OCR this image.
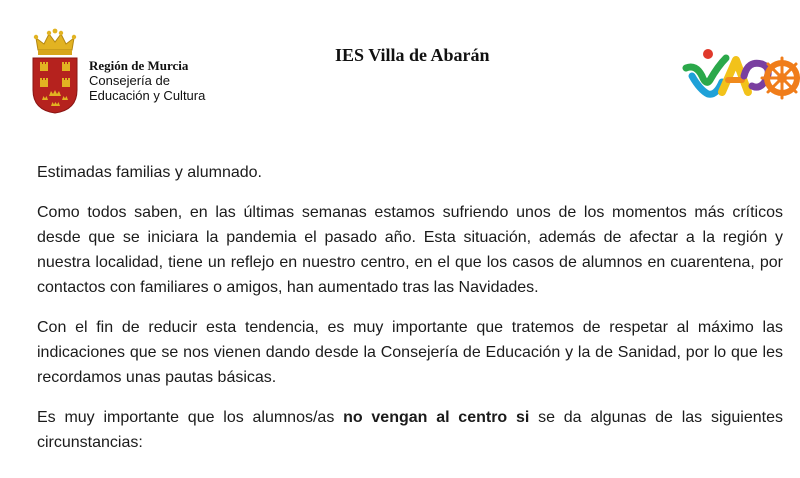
Región de Murcia
Consejería de
Educación y Cultura
IES Villa de Abarán

Estimadas familias y alumnado.

Como todos saben, en las últimas semanas estamos sufriendo unos de los momentos más críticos desde que se iniciara la pandemia el pasado año. Esta situación, además de afectar a la región y nuestra localidad, tiene un reflejo en nuestro centro, en el que los casos de alumnos en cuarentena, por contactos con familiares o amigos, han aumentado tras las Navidades.

Con el fin de reducir esta tendencia, es muy importante que tratemos de respetar al máximo las indicaciones que se nos vienen dando desde la Consejería de Educación y la de Sanidad, por lo que les recordamos unas pautas básicas.

Es muy importante que los alumnos/as no vengan al centro si se da algunas de las siguientes circunstancias:
